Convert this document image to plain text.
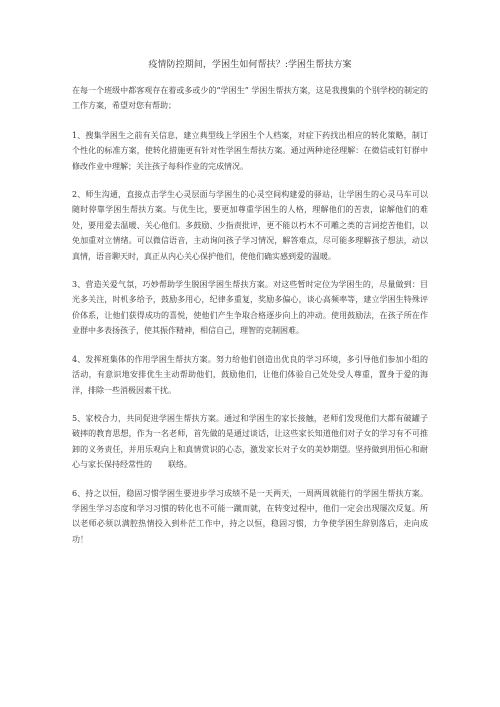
疫情防控期间，学困生如何帮扶？:学困生帮扶方案
在每一个班级中都客观存在着或多或少的“学困生” 学困生帮扶方案，这是我搜集的个别学校的制定的工作方案，希望对您有帮助；
1、搜集学困生之前有关信息，建立典型线上学困生个人档案，对症下药找出相应的转化策略，制订个性化的标准方案，使转化措施更有针对性学困生帮扶方案。通过两种途径理解：在微信或钉钉群中修改作业中理解；关注孩子每科作业的完成情况。
2、师生沟通，直接点击学生心灵层面与学困生的心灵空间构建爱的驿站，让学困生的心灵马车可以随时停靠学困生帮扶方案。与优生比，要更加尊重学困生的人格，理解他们的苦衷，谅解他们的难处，要用爱去温暖、关心他们。多鼓励、少指责批评，更不能以朽木不可雕之类的言词挖苦他们，以免加重对立情绪。可以微信语音，主动询问孩子学习情况，解答难点，尽可能多理解孩子想法，动以真情，语音聊天时，真正从内心关心保护他们，使他们确实感到爱的温暖。
3、营造关爱气氛，巧妙帮助学生脱困学困生帮扶方案。对这些暂时定位为学困生的，尽量做到：目光多关注，时机多给予，鼓励多用心，纪律多重复，奖励多偏心，谈心高频率等，建立学困生特殊评价体系，让他们获得成功的喜悦，使他们产生争取合格逐步向上的冲动。使用鼓励法，在孩子所在作业群中多表扬孩子，使其振作精神，相信自己，理智的克制困难。
4、发挥班集体的作用学困生帮扶方案。努力给他们创造出优良的学习环境，多引导他们参加小组的活动，有意识地安排优生主动帮助他们，鼓励他们，让他们体验自己处处受人尊重，置身于爱的海洋，排除一些消极因素干扰。
5、家校合力，共同促进学困生帮扶方案。通过和学困生的家长接触，老师们发现他们大都有破罐子破摔的教育思想，作为一名老师，首先做的是通过谈话，让这些家长知道他们对子女的学习有不可推卸的义务责任，并用乐观向上和真情赏识的心态，激发家长对子女的美妙期望。坚持做到用恒心和耐心与家长保持经常性的　　联络。
6、持之以恒，稳固习惯学困生要进步学习成绩不是一天两天，一周两周就能行的学困生帮扶方案。学困生学习态度和学习习惯的转化也不可能一蹴而就，在转变过程中，他们一定会出现屡次反复。所以老师必须以满腔热情投入到朴茫工作中，持之以恒，稳固习惯，力争使学困生辞别落后，走向成功！
